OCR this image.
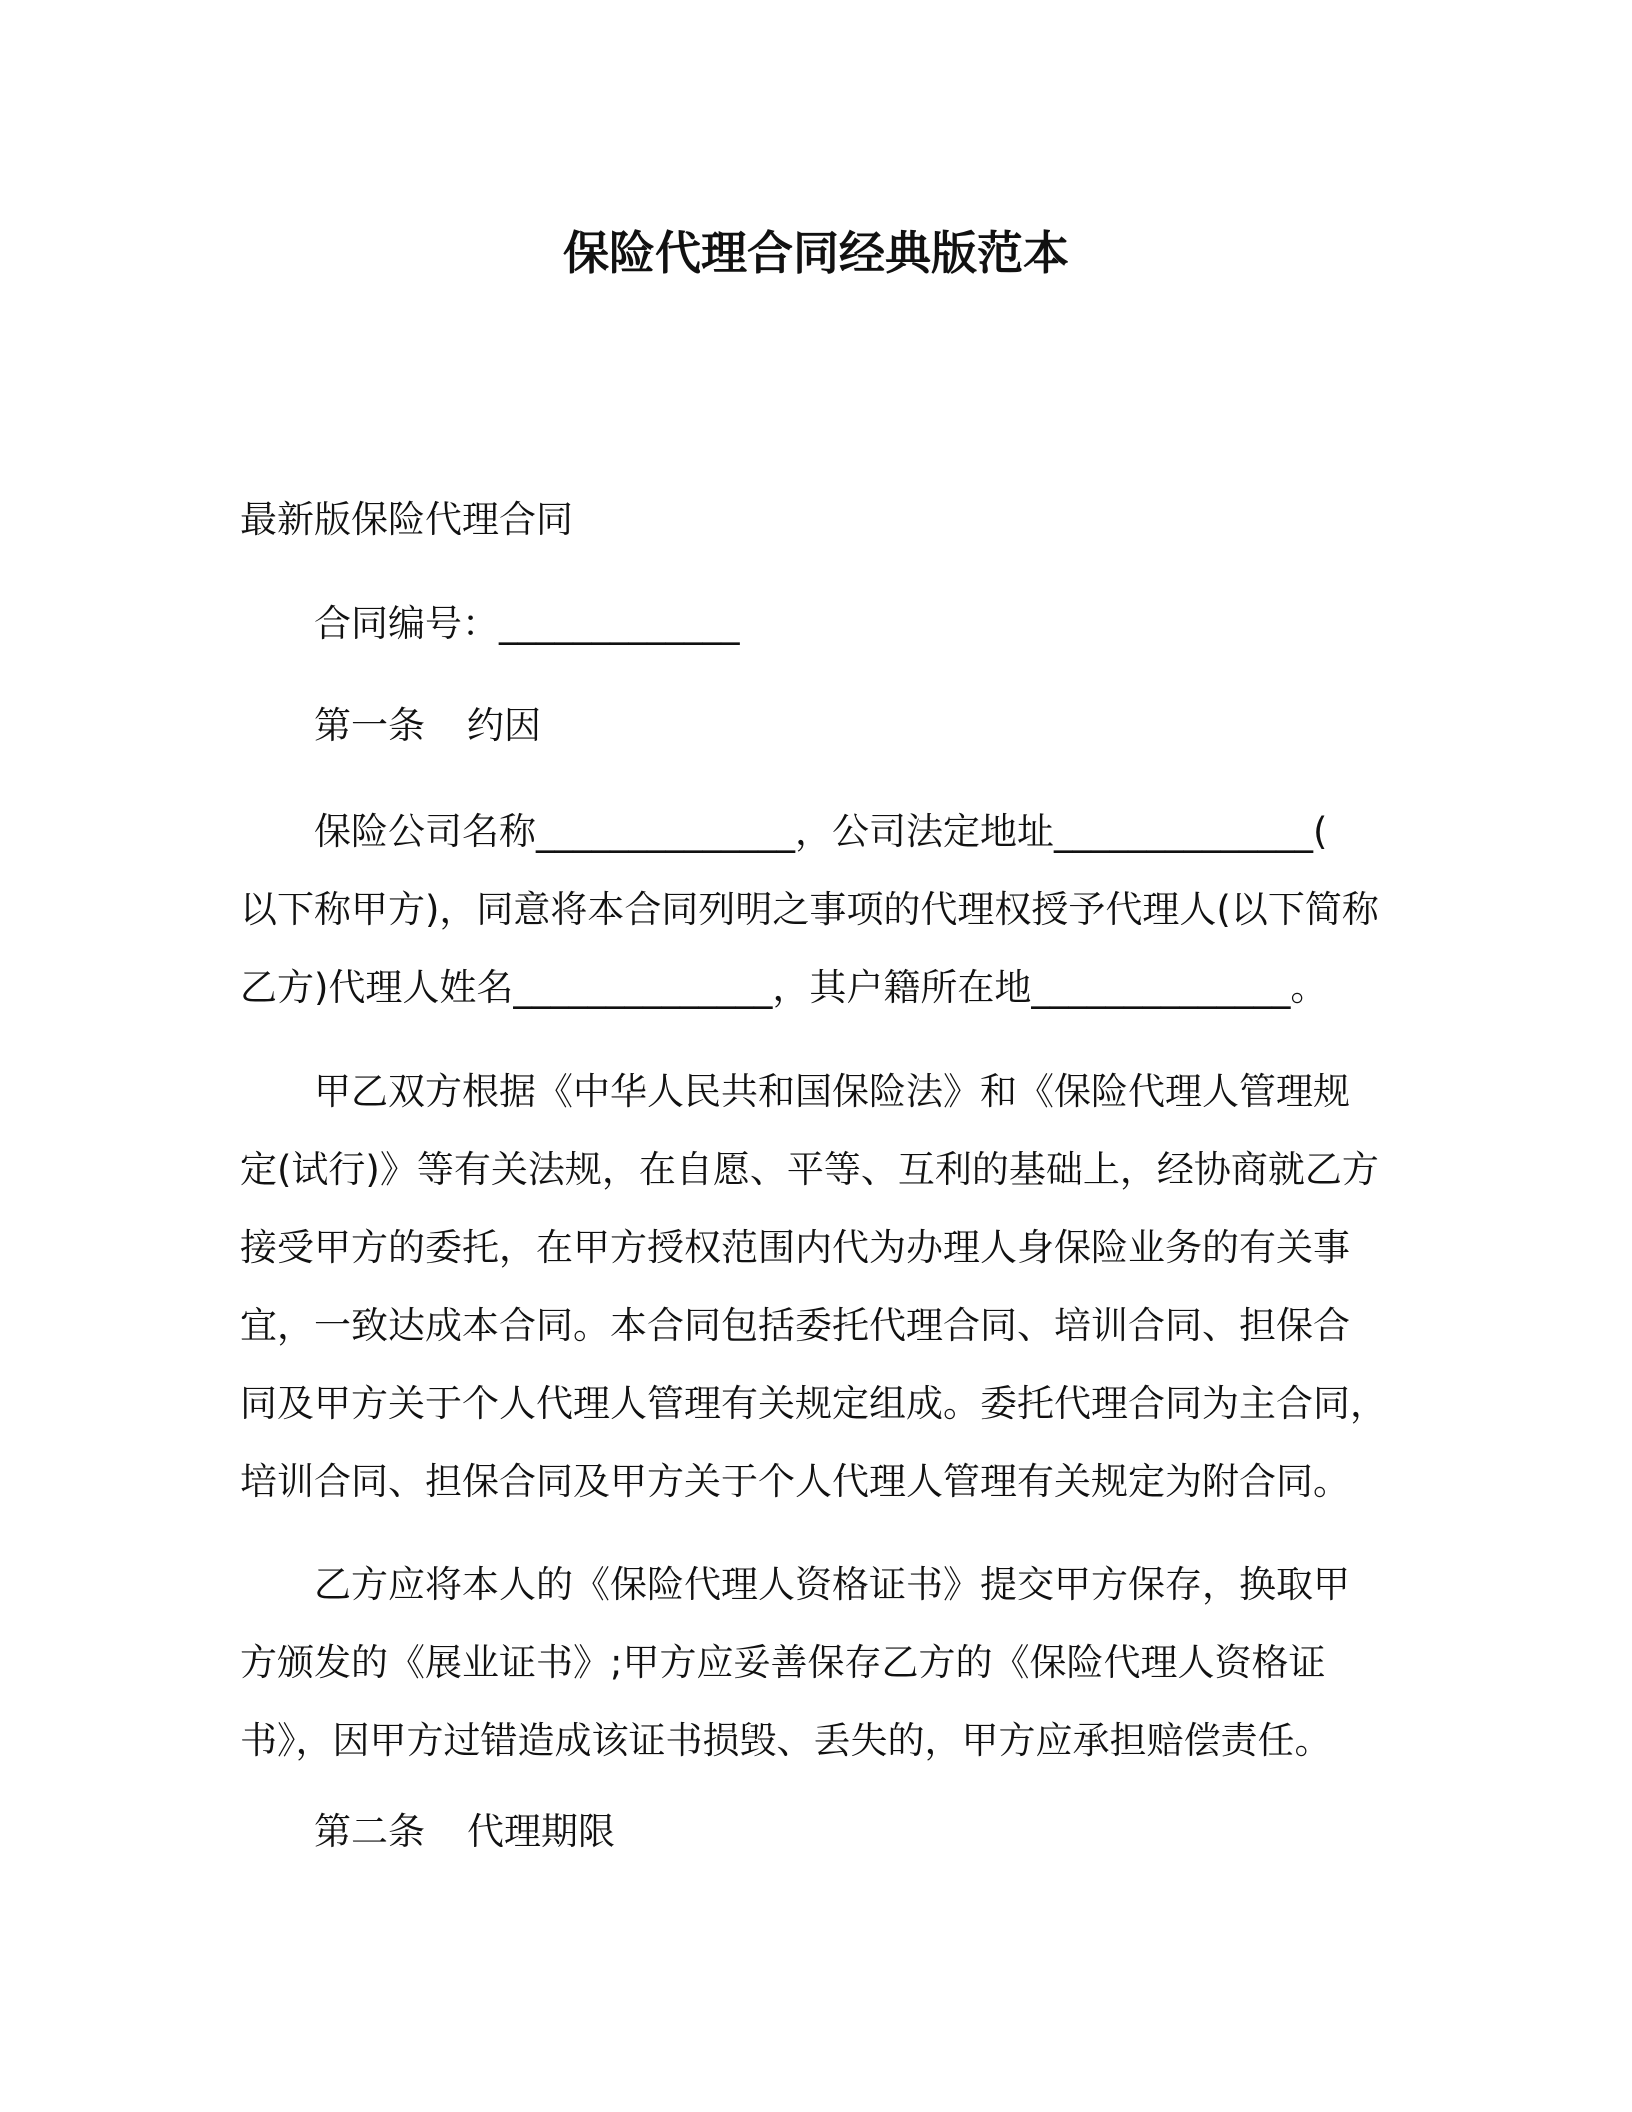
保险代理合同经典版范本
最新版保险代理合同
合同编号：_____________
第一条 约因
保险公司名称______________，公司法定地址______________(
以下称甲方)，同意将本合同列明之事项的代理权授予代理人(以下简称
乙方)代理人姓名______________，其户籍所在地______________。
甲乙双方根据《中华人民共和国保险法》和《保险代理人管理规
定(试行)》等有关法规，在自愿、平等、互利的基础上，经协商就乙方
接受甲方的委托，在甲方授权范围内代为办理人身保险业务的有关事
宜，一致达成本合同。本合同包括委托代理合同、培训合同、担保合
同及甲方关于个人代理人管理有关规定组成。委托代理合同为主合同，
培训合同、担保合同及甲方关于个人代理人管理有关规定为附合同。
乙方应将本人的《保险代理人资格证书》提交甲方保存，换取甲
方颁发的《展业证书》;甲方应妥善保存乙方的《保险代理人资格证
书》，因甲方过错造成该证书损毁、丢失的，甲方应承担赔偿责任。
第二条 代理期限
